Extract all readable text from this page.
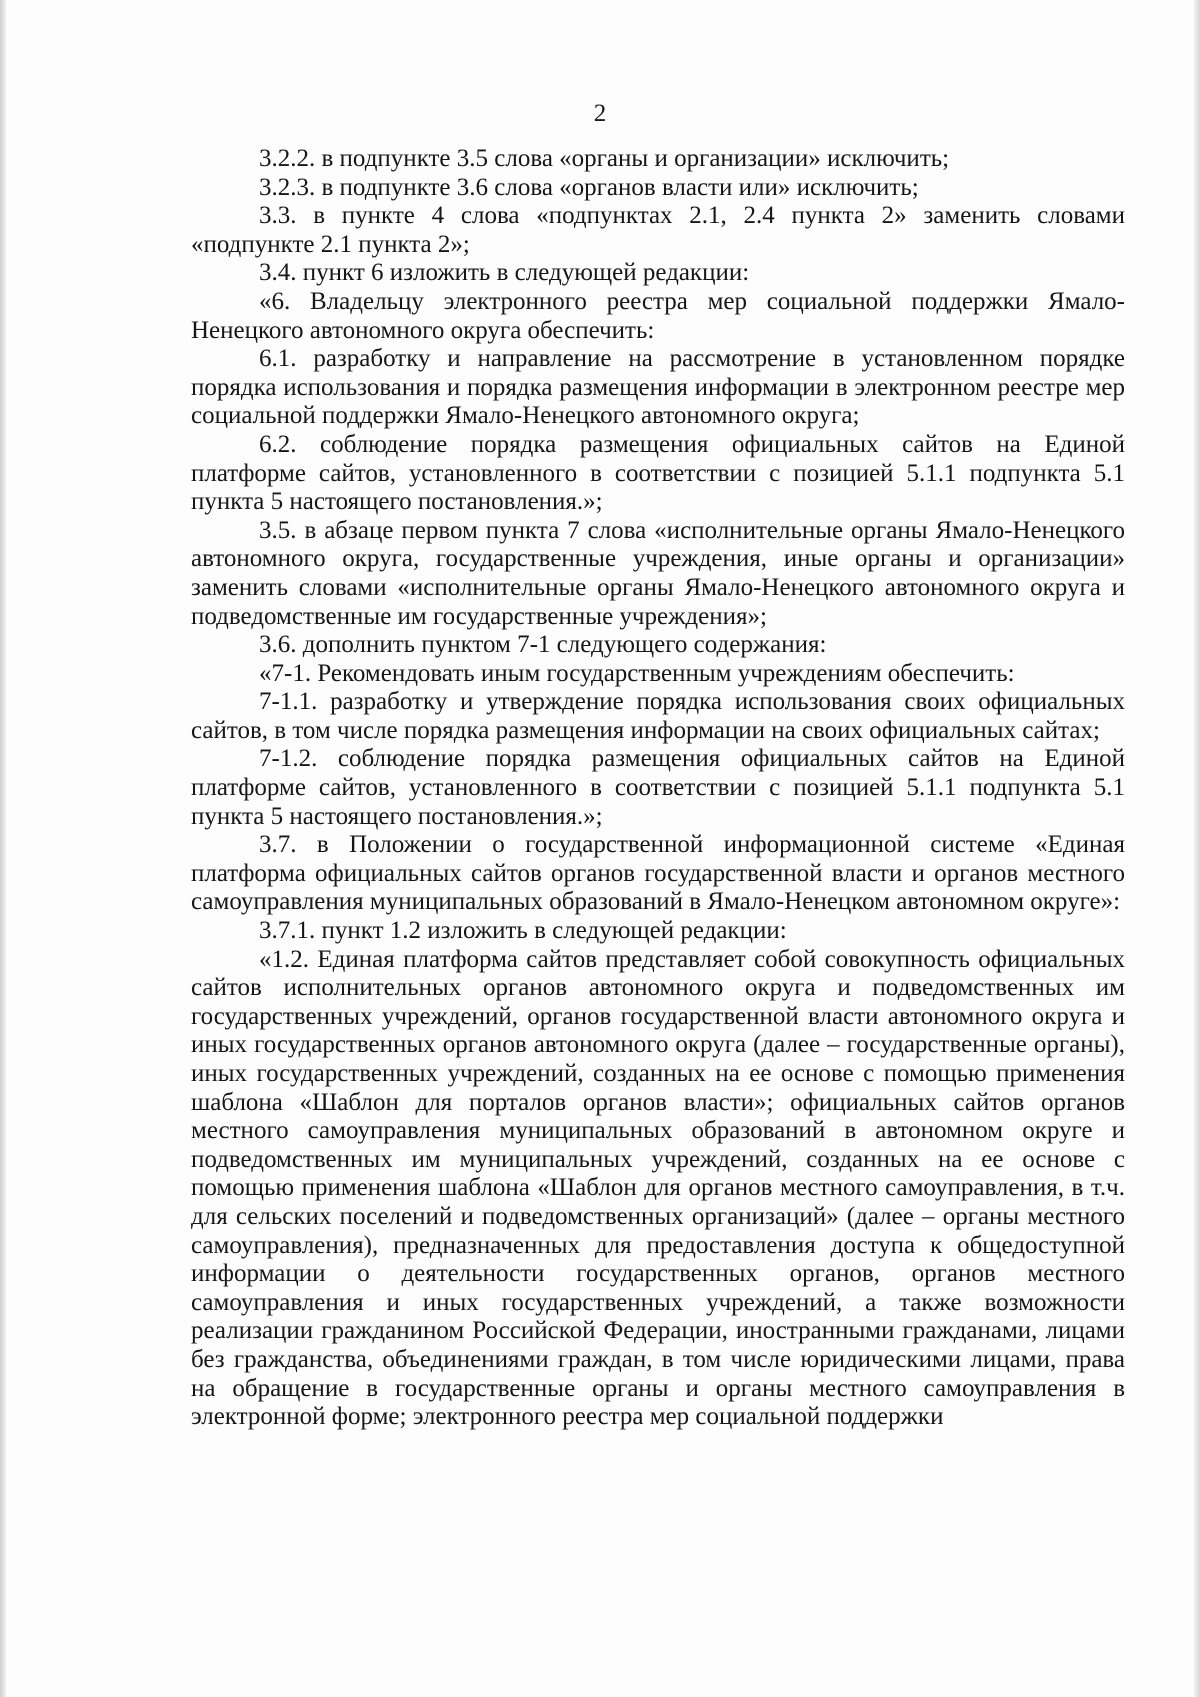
2

3.2.2. в подпункте 3.5 слова «органы и организации» исключить;

3.2.3. в подпункте 3.6 слова «органов власти или» исключить;

3.3. в пункте 4 слова «подпунктах 2.1, 2.4 пункта 2» заменить словами «подпункте 2.1 пункта 2»;

3.4. пункт 6 изложить в следующей редакции:

«6. Владельцу электронного реестра мер социальной поддержки Ямало-Ненецкого автономного округа обеспечить:

6.1. разработку и направление на рассмотрение в установленном порядке порядка использования и порядка размещения информации в электронном реестре мер социальной поддержки Ямало-Ненецкого автономного округа;

6.2. соблюдение порядка размещения официальных сайтов на Единой платформе сайтов, установленного в соответствии с позицией 5.1.1 подпункта 5.1 пункта 5 настоящего постановления.»;

3.5. в абзаце первом пункта 7 слова «исполнительные органы Ямало-Ненецкого автономного округа, государственные учреждения, иные органы и организации» заменить словами «исполнительные органы Ямало-Ненецкого автономного округа и подведомственные им государственные учреждения»;

3.6. дополнить пунктом 7-1 следующего содержания:

«7-1. Рекомендовать иным государственным учреждениям обеспечить:

7-1.1. разработку и утверждение порядка использования своих официальных сайтов, в том числе порядка размещения информации на своих официальных сайтах;

7-1.2. соблюдение порядка размещения официальных сайтов на Единой платформе сайтов, установленного в соответствии с позицией 5.1.1 подпункта 5.1 пункта 5 настоящего постановления.»;

3.7. в Положении о государственной информационной системе «Единая платформа официальных сайтов органов государственной власти и органов местного самоуправления муниципальных образований в Ямало-Ненецком автономном округе»:

3.7.1. пункт 1.2 изложить в следующей редакции:

«1.2. Единая платформа сайтов представляет собой совокупность официальных сайтов исполнительных органов автономного округа и подведомственных им государственных учреждений, органов государственной власти автономного округа и иных государственных органов автономного округа (далее – государственные органы), иных государственных учреждений, созданных на ее основе с помощью применения шаблона «Шаблон для порталов органов власти»; официальных сайтов органов местного самоуправления муниципальных образований в автономном округе и подведомственных им муниципальных учреждений, созданных на ее основе с помощью применения шаблона «Шаблон для органов местного самоуправления, в т.ч. для сельских поселений и подведомственных организаций» (далее – органы местного самоуправления), предназначенных для предоставления доступа к общедоступной информации о деятельности государственных органов, органов местного самоуправления и иных государственных учреждений, а также возможности реализации гражданином Российской Федерации, иностранными гражданами, лицами без гражданства, объединениями граждан, в том числе юридическими лицами, права на обращение в государственные органы и органы местного самоуправления в электронной форме; электронного реестра мер социальной поддержки
